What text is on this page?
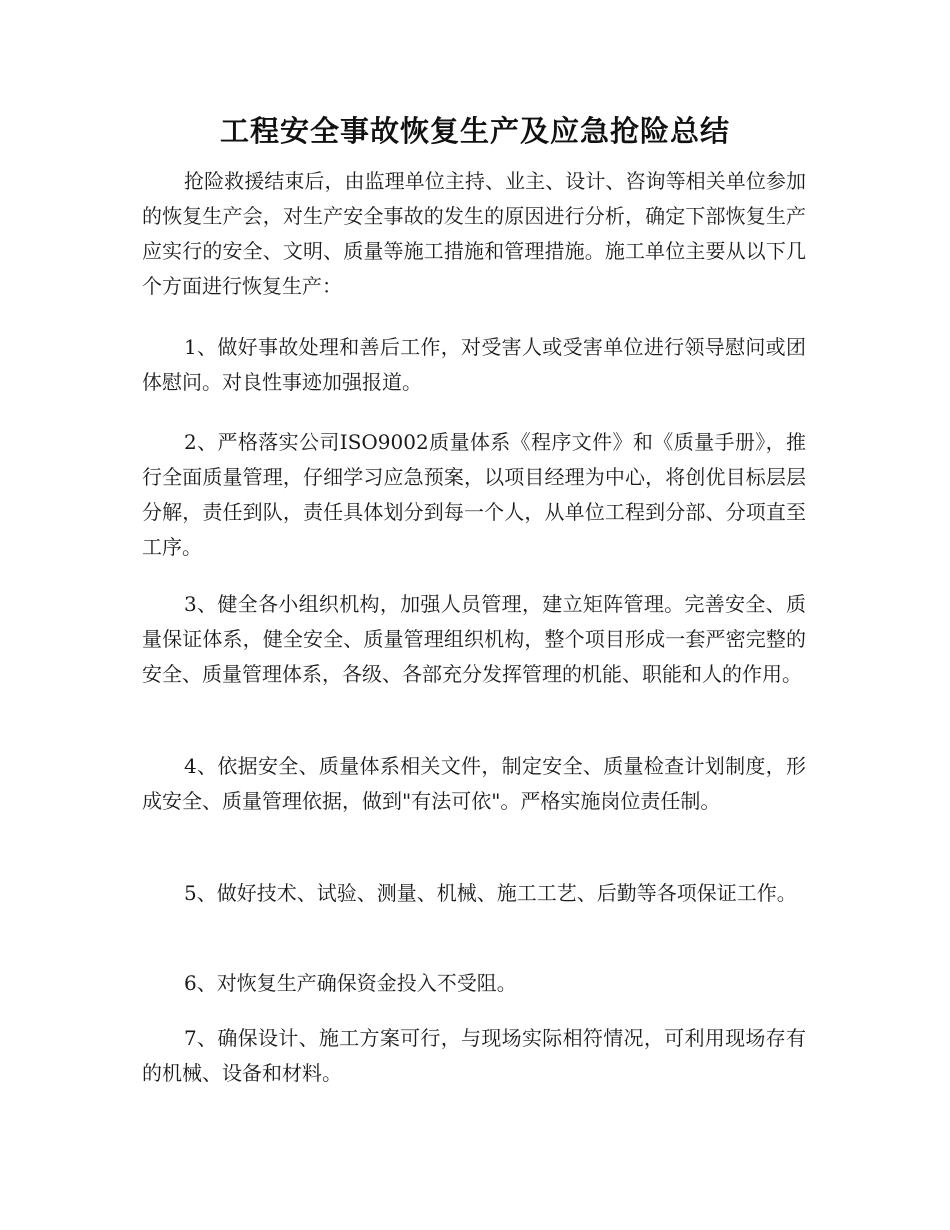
工程安全事故恢复生产及应急抢险总结

抢险救援结束后，由监理单位主持、业主、设计、咨询等相关单位参加的恢复生产会，对生产安全事故的发生的原因进行分析，确定下部恢复生产应实行的安全、文明、质量等施工措施和管理措施。施工单位主要从以下几个方面进行恢复生产：

1、做好事故处理和善后工作，对受害人或受害单位进行领导慰问或团体慰问。对良性事迹加强报道。

2、严格落实公司ISO9002质量体系《程序文件》和《质量手册》，推行全面质量管理，仔细学习应急预案，以项目经理为中心，将创优目标层层分解，责任到队，责任具体划分到每一个人，从单位工程到分部、分项直至工序。

3、健全各小组织机构，加强人员管理，建立矩阵管理。完善安全、质量保证体系，健全安全、质量管理组织机构，整个项目形成一套严密完整的安全、质量管理体系，各级、各部充分发挥管理的机能、职能和人的作用。

4、依据安全、质量体系相关文件，制定安全、质量检查计划制度，形成安全、质量管理依据，做到"有法可依"。严格实施岗位责任制。

5、做好技术、试验、测量、机械、施工工艺、后勤等各项保证工作。

6、对恢复生产确保资金投入不受阻。

7、确保设计、施工方案可行，与现场实际相符情况，可利用现场存有的机械、设备和材料。
